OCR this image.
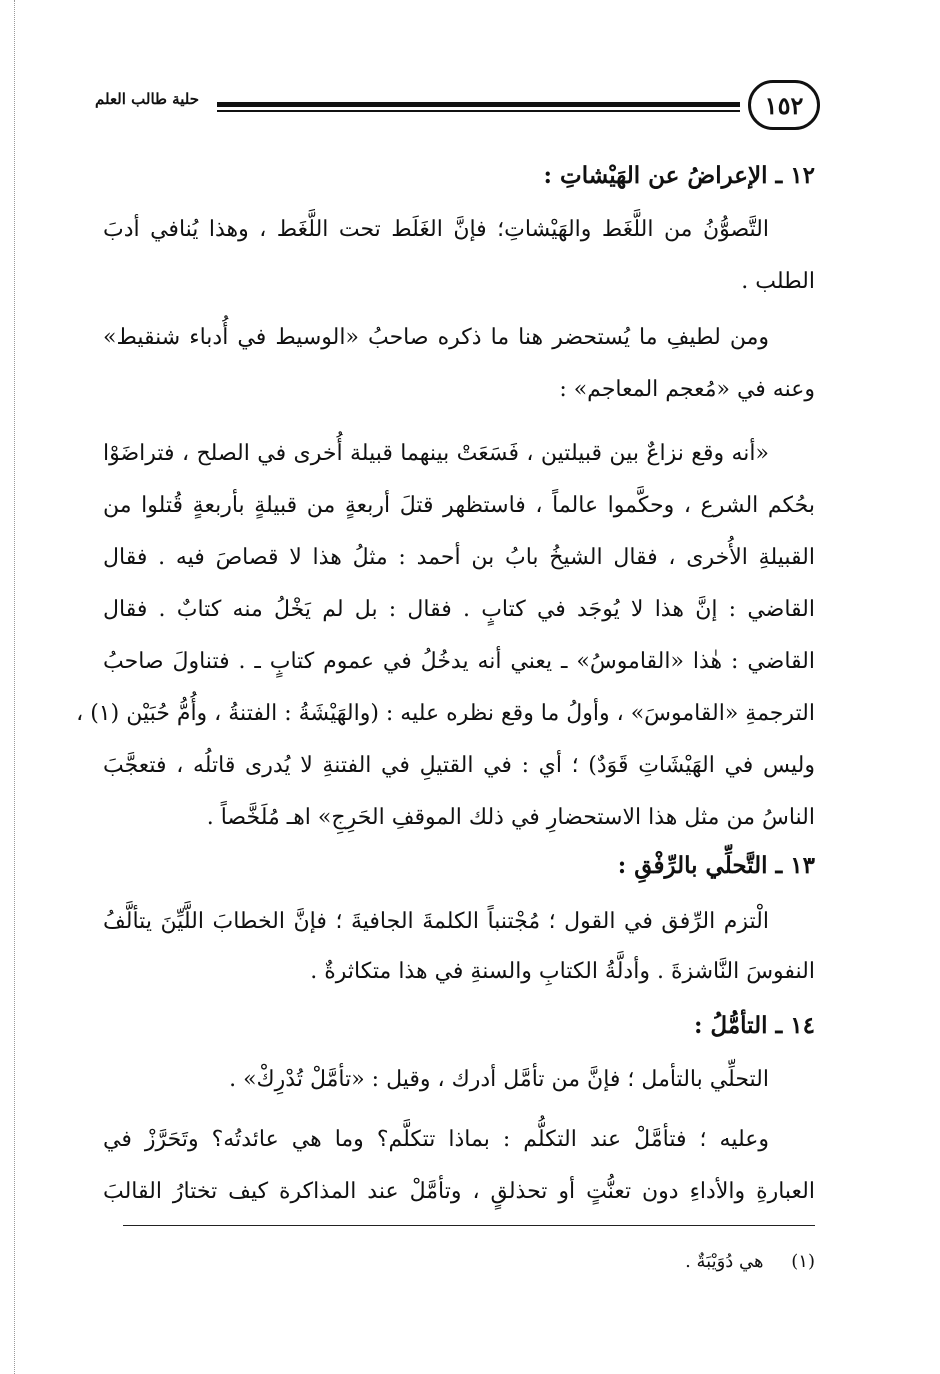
١٥٢
حلية طالب العلم
١٢ ـ الإعراضُ عن الهَيْشاتِ :
التَّصوُّنُ من اللَّغَط والهَيْشاتِ؛ فإنَّ الغَلَط تحت اللَّغَط ، وهذا يُنافي أدبَ
الطلب .
ومن لطيفِ ما يُستحضر هنا ما ذكره صاحبُ «الوسيط في أُدباء شنقيط»
وعنه في «مُعجم المعاجم» :
«أنه وقع نزاعٌ بين قبيلتين ، فَسَعَتْ بينهما قبيلة أُخرى في الصلح ، فتراضَوْا
بحُكم الشرع ، وحكَّموا عالماً ، فاستظهر قتلَ أربعةٍ من قبيلةٍ بأربعةٍ قُتلوا من
القبيلةِ الأُخرى ، فقال الشيخُ بابُ بن أحمد : مثلُ هذا لا قصاصَ فيه . فقال
القاضي : إنَّ هذا لا يُوجَد في كتابٍ . فقال : بل لم يَخْلُ منه كتابٌ . فقال
القاضي : هٰذا «القاموسُ» ـ يعني أنه يدخُلُ في عموم كتابٍ ـ . فتناولَ صاحبُ
الترجمةِ «القاموسَ» ، وأولُ ما وقع نظره عليه : (والهَيْشَةُ : الفتنةُ ، وأُمُّ حُبَيْن (١) ،
وليس في الهَيْشَاتِ قَوَدٌ) ؛ أي : في القتيلِ في الفتنةِ لا يُدرى قاتلُه ، فتعجَّبَ
الناسُ من مثل هذا الاستحضارِ في ذلك الموقفِ الحَرِجِ» اهـ مُلَخَّصاً .
١٣ ـ التَّحلِّي بالرِّفْقِ :
الْتزم الرِّفق في القول ؛ مُجْتنباً الكلمةَ الجافيةَ ؛ فإنَّ الخطابَ اللَّيِّنَ يتألَّفُ
النفوسَ النَّاشزةَ . وأدلَّةُ الكتابِ والسنةِ في هذا متكاثرةٌ .
١٤ ـ التأمُّلُ :
التحلِّي بالتأمل ؛ فإنَّ من تأمَّل أدرك ، وقيل : «تأمَّلْ تُدْرِكْ» .
وعليه ؛ فتأمَّلْ عند التكلُّم : بماذا تتكلَّم؟ وما هي عائدتُه؟ وتَحَرَّزْ في
العبارةِ والأداءِ دون تعنُّتٍ أو تحذلقٍ ، وتأمَّلْ عند المذاكرة كيف تختارُ القالبَ
(١) هي دُوَيْبَةٌ .
